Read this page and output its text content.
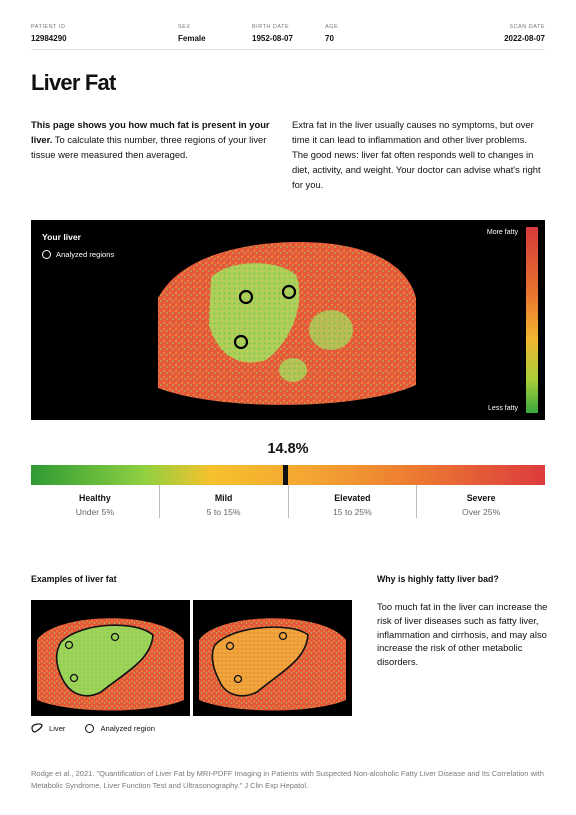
PATIENT ID
12984290
SEX
Female
BIRTH DATE
1952-08-07
AGE
70
SCAN DATE
2022-08-07
Liver Fat

This page shows you how much fat is present in your liver. To calculate this number, three regions of your liver tissue were measured then averaged.

Extra fat in the liver usually causes no symptoms, but over time it can lead to inflammation and other liver problems. The good news: liver fat often responds well to changes in diet, activity, and weight. Your doctor can advise what's right for you.

Your liver
Analyzed regions
More fatty
Less fatty
14.8%
Healthy
Under 5%
Mild
5 to 15%
Elevated
15 to 25%
Severe
Over 25%
Examples of liver fat
Liver	Analyzed region
Why is highly fatty liver bad?

Too much fat in the liver can increase the risk of liver diseases such as fatty liver, inflammation and cirrhosis, and may also increase the risk of other metabolic disorders.

Rodge et al., 2021. "Quantification of Liver Fat by MRI-PDFF Imaging in Patients with Suspected Non-alcoholic Fatty Liver Disease and Its Correlation with Metabolic Syndrome, Liver Function Test and Ultrasonography." J Clin Exp Hepatol.
